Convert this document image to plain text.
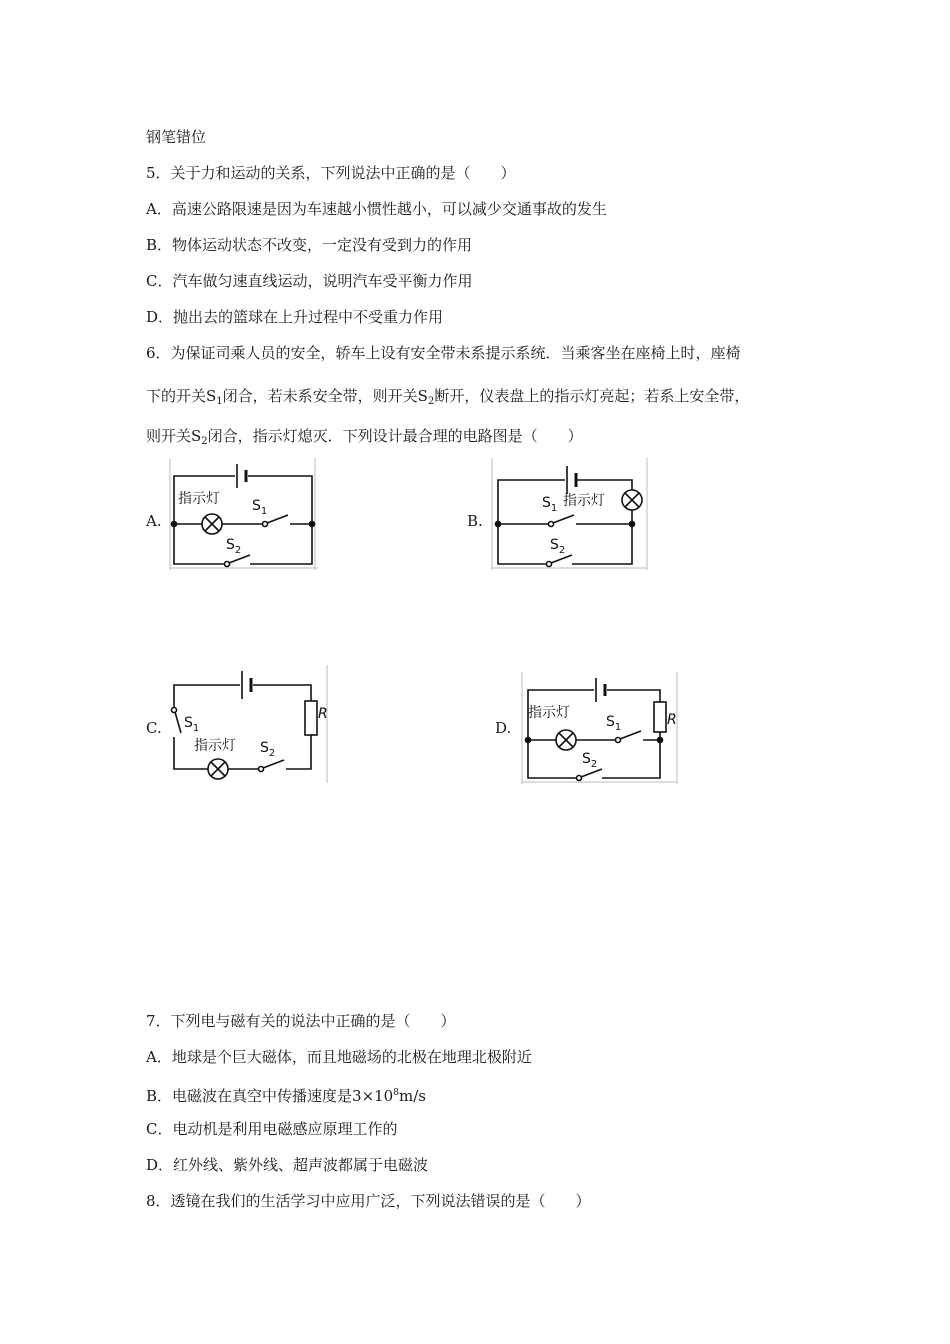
钢笔错位
5．关于力和运动的关系，下列说法中正确的是（　　）
A．高速公路限速是因为车速越小惯性越小，可以减少交通事故的发生
B．物体运动状态不改变，一定没有受到力的作用
C．汽车做匀速直线运动，说明汽车受平衡力作用
D．抛出去的篮球在上升过程中不受重力作用
6．为保证司乘人员的安全，轿车上设有安全带未系提示系统．当乘客坐在座椅上时，座椅
下的开关$S_1$闭合，若未系安全带，则开关$S_2$断开，仪表盘上的指示灯亮起；若系上安全带，
则开关$S_2$闭合，指示灯熄灭．下列设计最合理的电路图是（　　）
A.	B.
C.	D.
指示灯 $S_1$
$S_2$
$S_1$ 指示灯
$S_2$
R
$S_1$
指示灯 $S_2$
R
指示灯
$S_1$
$S_2$
7．下列电与磁有关的说法中正确的是（　　）
A．地球是个巨大磁体，而且地磁场的北极在地理北极附近
B．电磁波在真空中传播速度是$3\times 10^8m/s$
C．电动机是利用电磁感应原理工作的
D．红外线、紫外线、超声波都属于电磁波
8．透镜在我们的生活学习中应用广泛，下列说法错误的是（　　）
